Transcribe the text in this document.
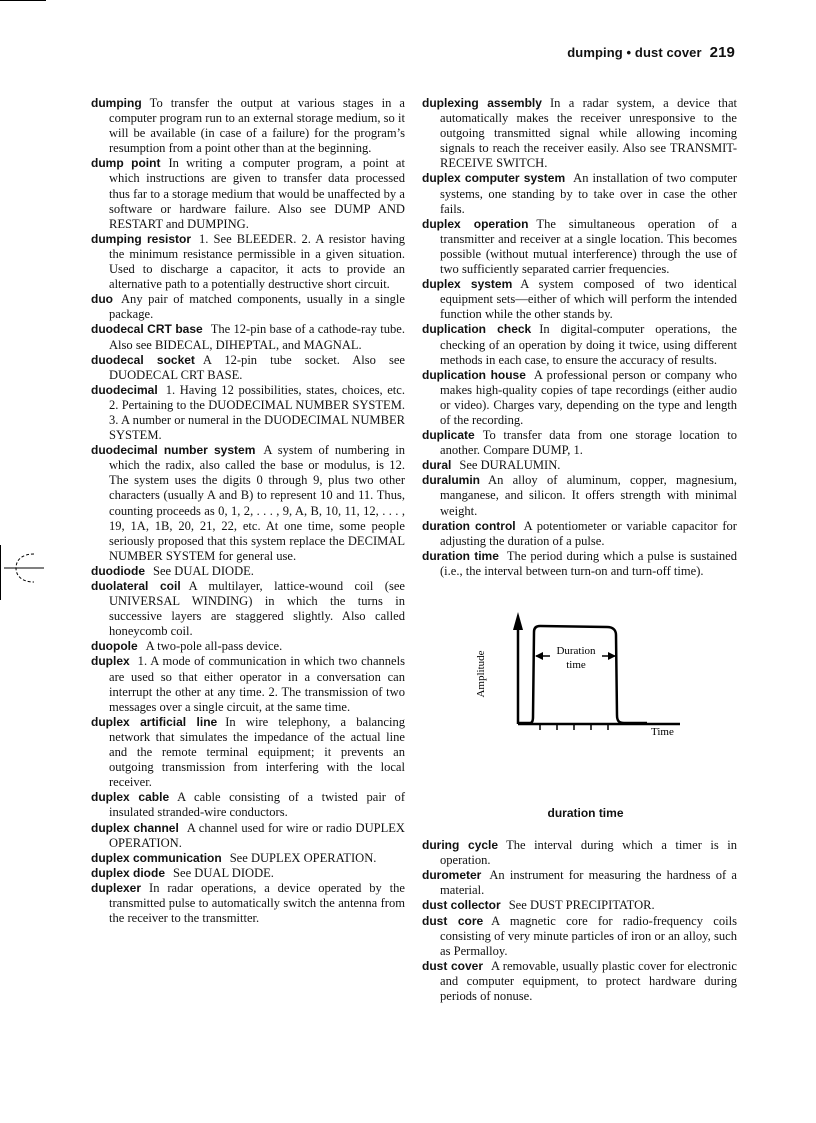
dumping • dust cover 219

dumping To transfer the output at various stages in a computer program run to an external storage medium, so it will be available (in case of a failure) for the program’s resumption from a point other than at the beginning.

dump point In writing a computer program, a point at which instructions are given to transfer data processed thus far to a storage medium that would be unaffected by a software or hardware failure. Also see DUMP AND RESTART and DUMPING.

dumping resistor 1. See BLEEDER. 2. A resistor having the minimum resistance permissible in a given situation. Used to discharge a capacitor, it acts to provide an alternative path to a potentially destructive short circuit.

duo Any pair of matched components, usually in a single package.

duodecal CRT base The 12-pin base of a cathode-ray tube. Also see BIDECAL, DIHEPTAL, and MAGNAL.

duodecal socket A 12-pin tube socket. Also see DUODECAL CRT BASE.

duodecimal 1. Having 12 possibilities, states, choices, etc. 2. Pertaining to the DUODECIMAL NUMBER SYSTEM. 3. A number or numeral in the DUODECIMAL NUMBER SYSTEM.

duodecimal number system A system of numbering in which the radix, also called the base or modulus, is 12. The system uses the digits 0 through 9, plus two other characters (usually A and B) to represent 10 and 11. Thus, counting proceeds as 0, 1, 2, . . . , 9, A, B, 10, 11, 12, . . . , 19, 1A, 1B, 20, 21, 22, etc. At one time, some people seriously proposed that this system replace the DECIMAL NUMBER SYSTEM for general use.

duodiode See DUAL DIODE.

duolateral coil A multilayer, lattice-wound coil (see UNIVERSAL WINDING) in which the turns in successive layers are staggered slightly. Also called honeycomb coil.

duopole A two-pole all-pass device.

duplex 1. A mode of communication in which two channels are used so that either operator in a conversation can interrupt the other at any time. 2. The transmission of two messages over a single circuit, at the same time.

duplex artificial line In wire telephony, a balancing network that simulates the impedance of the actual line and the remote terminal equipment; it prevents an outgoing transmission from interfering with the local receiver.

duplex cable A cable consisting of a twisted pair of insulated stranded-wire conductors.

duplex channel A channel used for wire or radio DUPLEX OPERATION.

duplex communication See DUPLEX OPERATION.

duplex diode See DUAL DIODE.

duplexer In radar operations, a device operated by the transmitted pulse to automatically switch the antenna from the receiver to the transmitter.

duplexing assembly In a radar system, a device that automatically makes the receiver unresponsive to the outgoing transmitted signal while allowing incoming signals to reach the receiver easily. Also see TRANSMIT-RECEIVE SWITCH.

duplex computer system An installation of two computer systems, one standing by to take over in case the other fails.

duplex operation The simultaneous operation of a transmitter and receiver at a single location. This becomes possible (without mutual interference) through the use of two sufficiently separated carrier frequencies.

duplex system A system composed of two identical equipment sets—either of which will perform the intended function while the other stands by.

duplication check In digital-computer operations, the checking of an operation by doing it twice, using different methods in each case, to ensure the accuracy of results.

duplication house A professional person or company who makes high-quality copies of tape recordings (either audio or video). Charges vary, depending on the type and length of the recording.

duplicate To transfer data from one storage location to another. Compare DUMP, 1.

dural See DURALUMIN.

duralumin An alloy of aluminum, copper, magnesium, manganese, and silicon. It offers strength with minimal weight.

duration control A potentiometer or variable capacitor for adjusting the duration of a pulse.

duration time The period during which a pulse is sustained (i.e., the interval between turn-on and turn-off time).

Duration
time
Amplitude
Time
duration time

during cycle The interval during which a timer is in operation.

durometer An instrument for measuring the hardness of a material.

dust collector See DUST PRECIPITATOR.

dust core A magnetic core for radio-frequency coils consisting of very minute particles of iron or an alloy, such as Permalloy.

dust cover A removable, usually plastic cover for electronic and computer equipment, to protect hardware during periods of nonuse.
